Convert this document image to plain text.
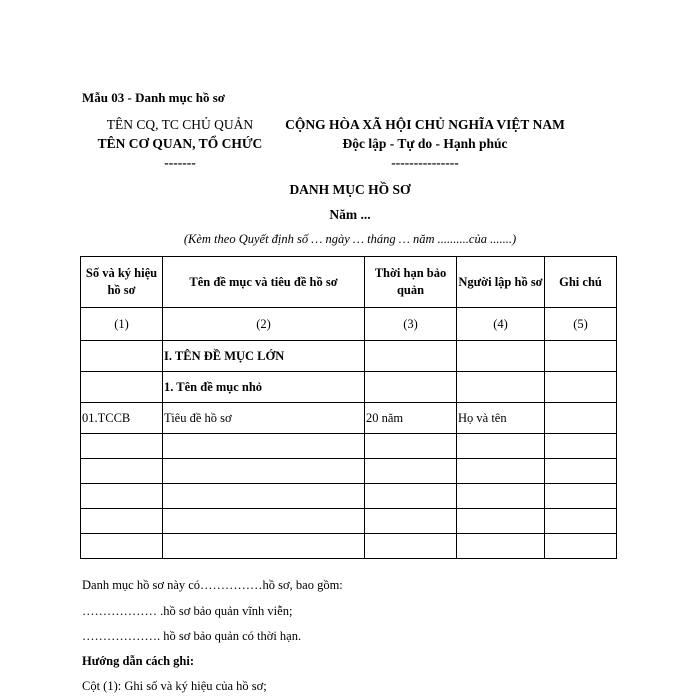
Mẫu 03 - Danh mục hồ sơ
TÊN CQ, TC CHỦ QUẢN
TÊN CƠ QUAN, TỔ CHỨC
-------
CỘNG HÒA XÃ HỘI CHỦ NGHĨA VIỆT NAM
Độc lập - Tự do - Hạnh phúc
---------------
DANH MỤC HỒ SƠ
Năm ...
(Kèm theo Quyết định số … ngày … tháng … năm ..........của .......)
Số và ký hiệu hồ sơ	Tên đề mục và tiêu đề hồ sơ	Thời hạn bảo quản	Người lập hồ sơ	Ghi chú
(1)	(2)	(3)	(4)	(5)
	I. TÊN ĐỀ MỤC LỚN			
	1. Tên đề mục nhỏ			
01.TCCB	Tiêu đề hồ sơ	20 năm	Họ và tên	

Danh mục hồ sơ này có……………hồ sơ, bao gồm:
……………… .hồ sơ bảo quản vĩnh viễn;
………………. hồ sơ bảo quản có thời hạn.
Hướng dẫn cách ghi:
Cột (1): Ghi số và ký hiệu của hồ sơ;
